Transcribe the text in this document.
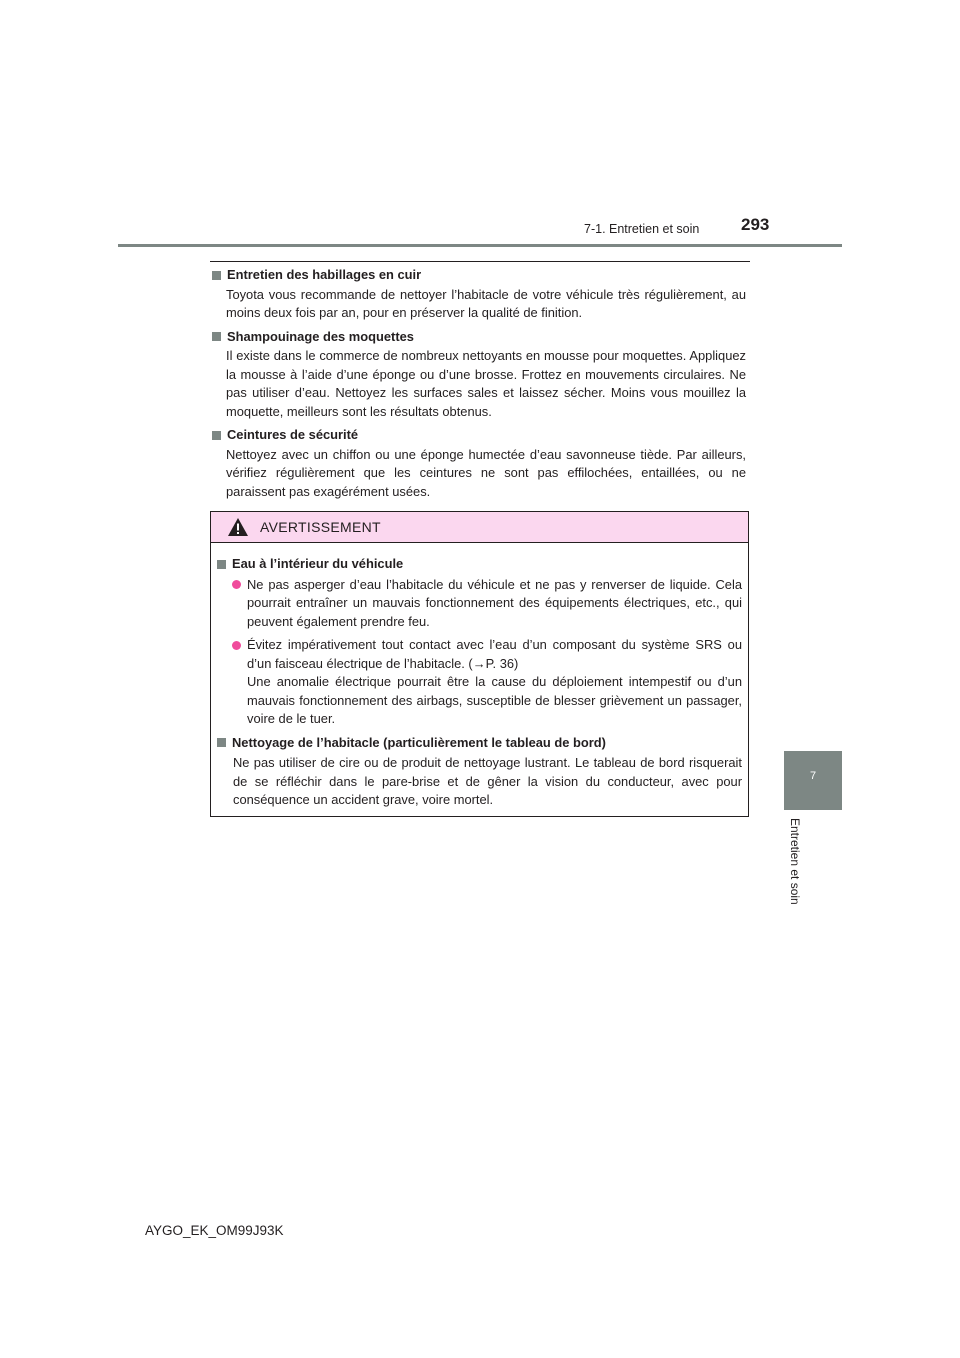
7-1. Entretien et soin 293
Entretien des habillages en cuir
Toyota vous recommande de nettoyer l’habitacle de votre véhicule très régulièrement, au moins deux fois par an, pour en préserver la qualité de finition.
Shampouinage des moquettes
Il existe dans le commerce de nombreux nettoyants en mousse pour moquettes. Appliquez la mousse à l’aide d’une éponge ou d’une brosse. Frottez en mouvements circulaires. Ne pas utiliser d’eau. Nettoyez les surfaces sales et laissez sécher. Moins vous mouillez la moquette, meilleurs sont les résultats obtenus.
Ceintures de sécurité
Nettoyez avec un chiffon ou une éponge humectée d’eau savonneuse tiède. Par ailleurs, vérifiez régulièrement que les ceintures ne sont pas effilochées, entaillées, ou ne paraissent pas exagérément usées.
AVERTISSEMENT
Eau à l’intérieur du véhicule
Ne pas asperger d’eau l’habitacle du véhicule et ne pas y renverser de liquide. Cela pourrait entraîner un mauvais fonctionnement des équipements électriques, etc., qui peuvent également prendre feu.
Évitez impérativement tout contact avec l’eau d’un composant du système SRS ou d’un faisceau électrique de l’habitacle. (→P. 36)
Une anomalie électrique pourrait être la cause du déploiement intempestif ou d’un mauvais fonctionnement des airbags, susceptible de blesser grièvement un passager, voire de le tuer.
Nettoyage de l’habitacle (particulièrement le tableau de bord)
Ne pas utiliser de cire ou de produit de nettoyage lustrant. Le tableau de bord risquerait de se réfléchir dans le pare-brise et de gêner la vision du conducteur, avec pour conséquence un accident grave, voire mortel.
7
Entretien et soin
AYGO_EK_OM99J93K
